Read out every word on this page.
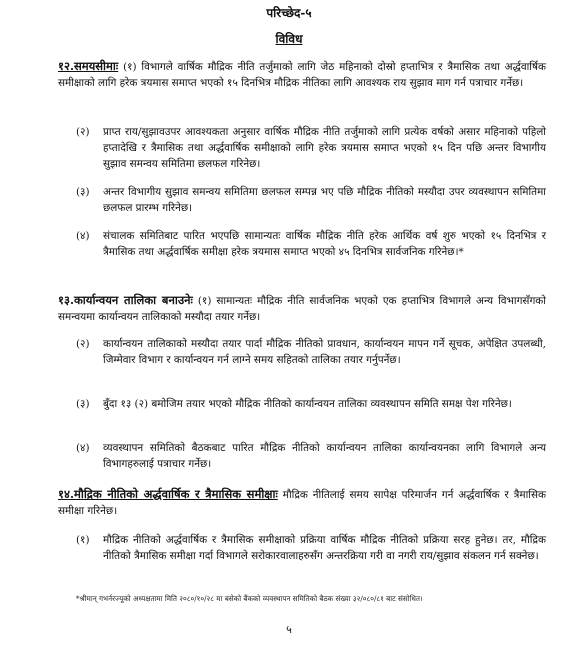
परिच्छेद-५
विविध
१२.समयसीमाः (१) विभागले वार्षिक मौद्रिक नीति तर्जुमाको लागि जेठ महिनाको दोस्रो हप्ताभित्र र त्रैमासिक तथा अर्द्धवार्षिक समीक्षाको लागि हरेक त्रयमास समाप्त भएको १५ दिनभित्र मौद्रिक नीतिका लागि आवश्यक राय सुझाव माग गर्न पत्राचार गर्नेछ।
(२)	प्राप्त राय/सुझावउपर आवश्यकता अनुसार वार्षिक मौद्रिक नीति तर्जुमाको लागि प्रत्येक वर्षको असार महिनाको पहिलो हप्तादेखि र त्रैमासिक तथा अर्द्धवार्षिक समीक्षाको लागि हरेक त्रयमास समाप्त भएको १५ दिन पछि अन्तर विभागीय सुझाव समन्वय समितिमा छलफल गरिनेछ।
(३)	अन्तर विभागीय सुझाव समन्वय समितिमा छलफल सम्पन्न भए पछि मौद्रिक नीतिको मस्यौदा उपर व्यवस्थापन समितिमा छलफल प्रारम्भ गरिनेछ।
(४)	संचालक समितिबाट पारित भएपछि सामान्यतः वार्षिक मौद्रिक नीति हरेक आर्थिक वर्ष शुरु भएको १५ दिनभित्र र त्रैमासिक तथा अर्द्धवार्षिक समीक्षा हरेक त्रयमास समाप्त भएको ४५ दिनभित्र सार्वजनिक गरिनेछ।*
१३.कार्यान्वयन तालिका बनाउनेः (१) सामान्यतः मौद्रिक नीति सार्वजनिक भएको एक हप्ताभित्र विभागले अन्य विभागसँगको समन्वयमा कार्यान्वयन तालिकाको मस्यौदा तयार गर्नेछ।
(२)	कार्यान्वयन तालिकाको मस्यौदा तयार पार्दा मौद्रिक नीतिको प्रावधान, कार्यान्वयन मापन गर्ने सूचक, अपेक्षित उपलब्धी, जिम्मेवार विभाग र कार्यान्वयन गर्न लाग्ने समय सहितको तालिका तयार गर्नुपर्नेछ।
(३)	बुँदा १३ (२) बमोजिम तयार भएको मौद्रिक नीतिको कार्यान्वयन तालिका व्यवस्थापन समिति समक्ष पेश गरिनेछ।
(४)	व्यवस्थापन समितिको बैठकबाट पारित मौद्रिक नीतिको कार्यान्वयन तालिका कार्यान्वयनका लागि विभागले अन्य विभागहरुलाई पत्राचार गर्नेछ।
१४.मौद्रिक नीतिको अर्द्धवार्षिक र त्रैमासिक समीक्षाः मौद्रिक नीतिलाई समय सापेक्ष परिमार्जन गर्न अर्द्धवार्षिक र त्रैमासिक समीक्षा गरिनेछ।
(१)	मौद्रिक नीतिको अर्द्धवार्षिक र त्रैमासिक समीक्षाको प्रक्रिया वार्षिक मौद्रिक नीतिको प्रक्रिया सरह हुनेछ। तर, मौद्रिक नीतिको त्रैमासिक समीक्षा गर्दा विभागले सरोकारवालाहरुसँग अन्तरक्रिया गरी वा नगरी राय/सुझाव संकलन गर्न सक्नेछ।
*श्रीमान् गभर्नरज्यूको अध्यक्षतामा मिति २०८०/१०/२८ मा बसेको बैंकको व्यवस्थापन समितिको बैठक संख्या ३२/०८०/८१ बाट संसोधित।
५
